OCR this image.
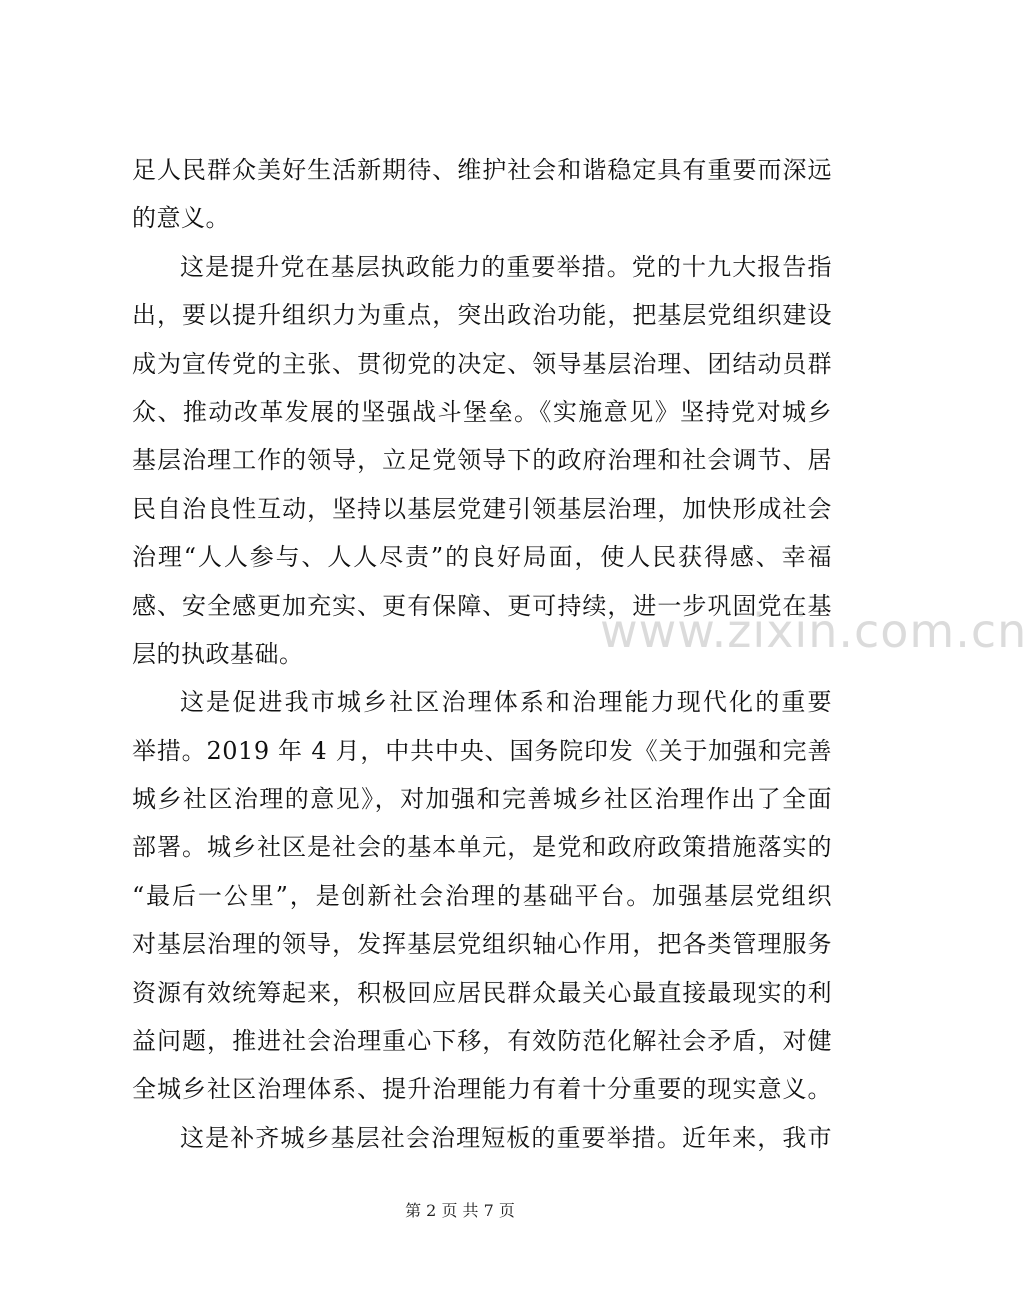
足人民群众美好生活新期待、维护社会和谐稳定具有重要而深远
的意义。
这是提升党在基层执政能力的重要举措。党的十九大报告指
出，要以提升组织力为重点，突出政治功能，把基层党组织建设
成为宣传党的主张、贯彻党的决定、领导基层治理、团结动员群
众、推动改革发展的坚强战斗堡垒。《实施意见》坚持党对城乡
基层治理工作的领导，立足党领导下的政府治理和社会调节、居
民自治良性互动，坚持以基层党建引领基层治理，加快形成社会
治理“人人参与、人人尽责”的良好局面，使人民获得感、幸福
感、安全感更加充实、更有保障、更可持续，进一步巩固党在基
层的执政基础。
这是促进我市城乡社区治理体系和治理能力现代化的重要
举措。2019 年 4 月，中共中央、国务院印发《关于加强和完善
城乡社区治理的意见》，对加强和完善城乡社区治理作出了全面
部署。城乡社区是社会的基本单元，是党和政府政策措施落实的
“最后一公里”，是创新社会治理的基础平台。加强基层党组织
对基层治理的领导，发挥基层党组织轴心作用，把各类管理服务
资源有效统筹起来，积极回应居民群众最关心最直接最现实的利
益问题，推进社会治理重心下移，有效防范化解社会矛盾，对健
全城乡社区治理体系、提升治理能力有着十分重要的现实意义。
这是补齐城乡基层社会治理短板的重要举措。近年来，我市
www.zixin.com.cn
第 2 页 共 7 页
